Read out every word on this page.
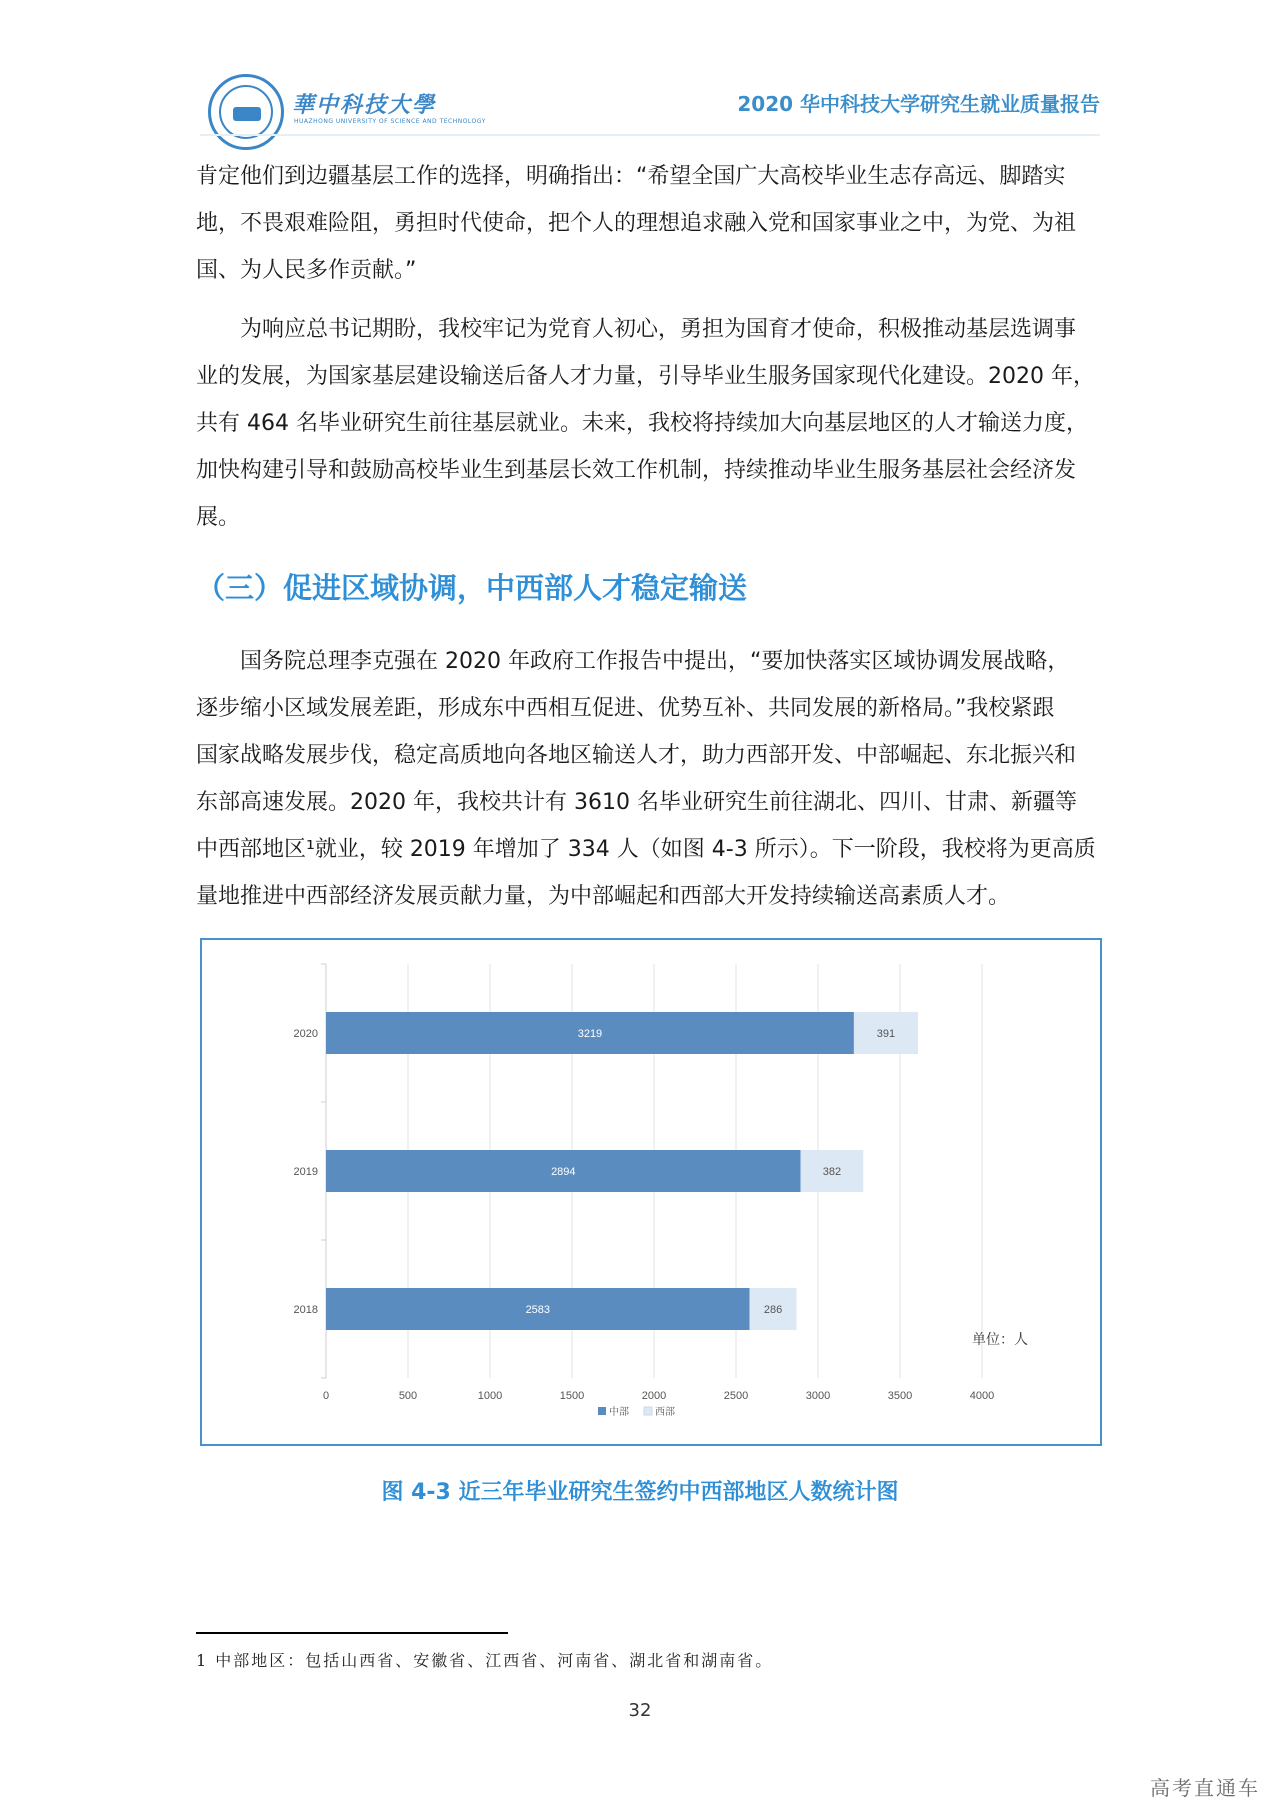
華中科技大學
HUAZHONG UNIVERSITY OF SCIENCE AND TECHNOLOGY
2020 华中科技大学研究生就业质量报告
肯定他们到边疆基层工作的选择，明确指出：“希望全国广大高校毕业生志存高远、脚踏实
地，不畏艰难险阻，勇担时代使命，把个人的理想追求融入党和国家事业之中，为党、为祖
国、为人民多作贡献。”
为响应总书记期盼，我校牢记为党育人初心，勇担为国育才使命，积极推动基层选调事
业的发展，为国家基层建设输送后备人才力量，引导毕业生服务国家现代化建设。2020 年，
共有 464 名毕业研究生前往基层就业。未来，我校将持续加大向基层地区的人才输送力度，
加快构建引导和鼓励高校毕业生到基层长效工作机制，持续推动毕业生服务基层社会经济发
展。
（三）促进区域协调，中西部人才稳定输送
国务院总理李克强在 2020 年政府工作报告中提出，“要加快落实区域协调发展战略，
逐步缩小区域发展差距，形成东中西相互促进、优势互补、共同发展的新格局。”我校紧跟
国家战略发展步伐，稳定高质地向各地区输送人才，助力西部开发、中部崛起、东北振兴和
东部高速发展。2020 年，我校共计有 3610 名毕业研究生前往湖北、四川、甘肃、新疆等
中西部地区¹就业，较 2019 年增加了 334 人（如图 4-3 所示）。下一阶段，我校将为更高质
量地推进中西部经济发展贡献力量，为中部崛起和西部大开发持续输送高素质人才。
0	500	1000	1500	2000	2500	3000	3500	4000
2020	3219	391
2019	2894	382
2018	2583	286
单位：人
中部	西部

图 4-3 近三年毕业研究生签约中西部地区人数统计图

1 中部地区：包括山西省、安徽省、江西省、河南省、湖北省和湖南省。

32

高考直通车
